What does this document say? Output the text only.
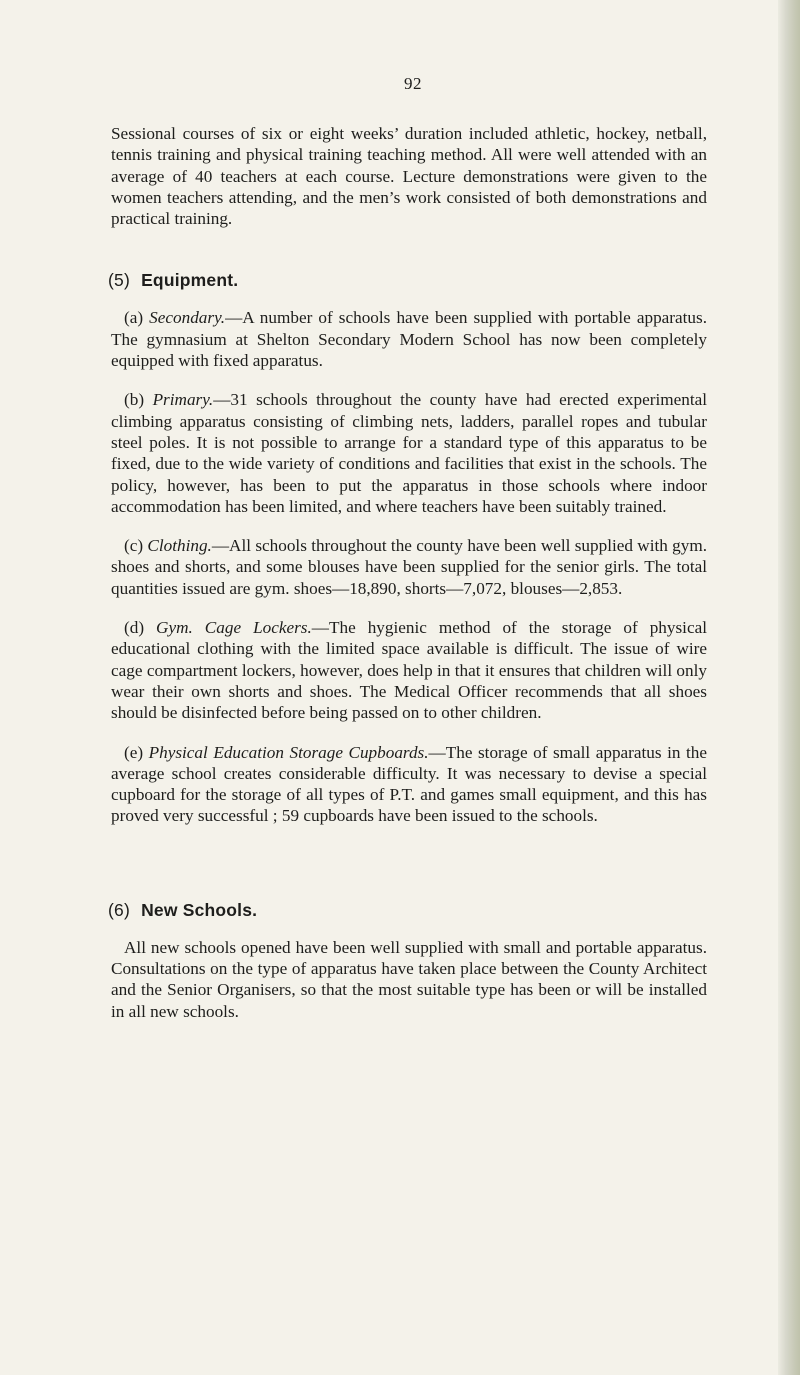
92

Sessional courses of six or eight weeks’ duration included athletic, hockey, netball, tennis training and physical training teaching method. All were well attended with an average of 40 teachers at each course. Lecture demonstrations were given to the women teachers attending, and the men’s work consisted of both demonstrations and practical training.

(5) Equipment.

(a) Secondary.—A number of schools have been supplied with portable apparatus. The gymnasium at Shelton Secondary Modern School has now been completely equipped with fixed apparatus.

(b) Primary.—31 schools throughout the county have had erected experimental climbing apparatus consisting of climbing nets, ladders, parallel ropes and tubular steel poles. It is not possible to arrange for a standard type of this apparatus to be fixed, due to the wide variety of conditions and facilities that exist in the schools. The policy, however, has been to put the apparatus in those schools where indoor accommodation has been limited, and where teachers have been suitably trained.

(c) Clothing.—All schools throughout the county have been well supplied with gym. shoes and shorts, and some blouses have been supplied for the senior girls. The total quantities issued are gym. shoes—18,890, shorts—7,072, blouses—2,853.

(d) Gym. Cage Lockers.—The hygienic method of the storage of physical educational clothing with the limited space available is difficult. The issue of wire cage compartment lockers, however, does help in that it ensures that children will only wear their own shorts and shoes. The Medical Officer recommends that all shoes should be disinfected before being passed on to other children.

(e) Physical Education Storage Cupboards.—The storage of small apparatus in the average school creates considerable difficulty. It was necessary to devise a special cupboard for the storage of all types of P.T. and games small equipment, and this has proved very successful ; 59 cupboards have been issued to the schools.

(6) New Schools.

All new schools opened have been well supplied with small and portable apparatus. Consultations on the type of apparatus have taken place between the County Architect and the Senior Organisers, so that the most suitable type has been or will be installed in all new schools.
